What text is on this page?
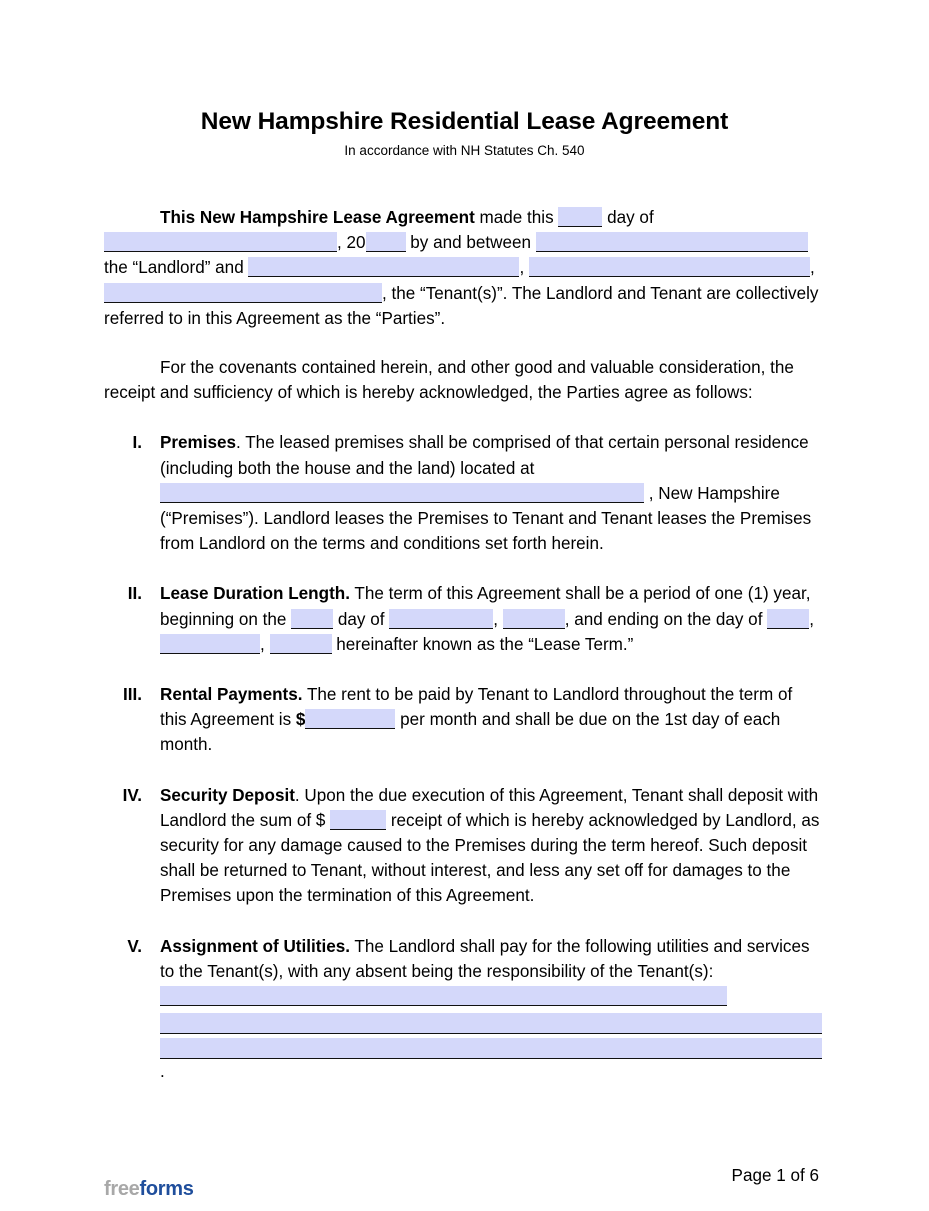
New Hampshire Residential Lease Agreement
In accordance with NH Statutes Ch. 540

This New Hampshire Lease Agreement made this	day of , 20 by and between the “Landlord” and	,	, , the “Tenant(s)”. The Landlord and Tenant are collectively referred to in this Agreement as the “Parties”.

For the covenants contained herein, and other good and valuable consideration, the receipt and sufficiency of which is hereby acknowledged, the Parties agree as follows:

I. Premises. The leased premises shall be comprised of that certain personal residence (including both the house and the land) located at  , New Hampshire (“Premises”). Landlord leases the Premises to Tenant and Tenant leases the Premises from Landlord on the terms and conditions set forth herein.
II. Lease Duration Length. The term of this Agreement shall be a period of one (1) year, beginning on the  day of	,	, and ending on the day of , ,	hereinafter known as the “Lease Term.”
III. Rental Payments. The rent to be paid by Tenant to Landlord throughout the term of this Agreement is $	per month and shall be due on the 1st day of each month.
IV. Security Deposit. Upon the due execution of this Agreement, Tenant shall deposit with Landlord the sum of $	receipt of which is hereby acknowledged by Landlord, as security for any damage caused to the Premises during the term hereof. Such deposit shall be returned to Tenant, without interest, and less any set off for damages to the Premises upon the termination of this Agreement.
V. Assignment of Utilities. The Landlord shall pay for the following utilities and services to the Tenant(s), with any absent being the responsibility of the Tenant(s):
.
freeforms
Page 1 of 6
